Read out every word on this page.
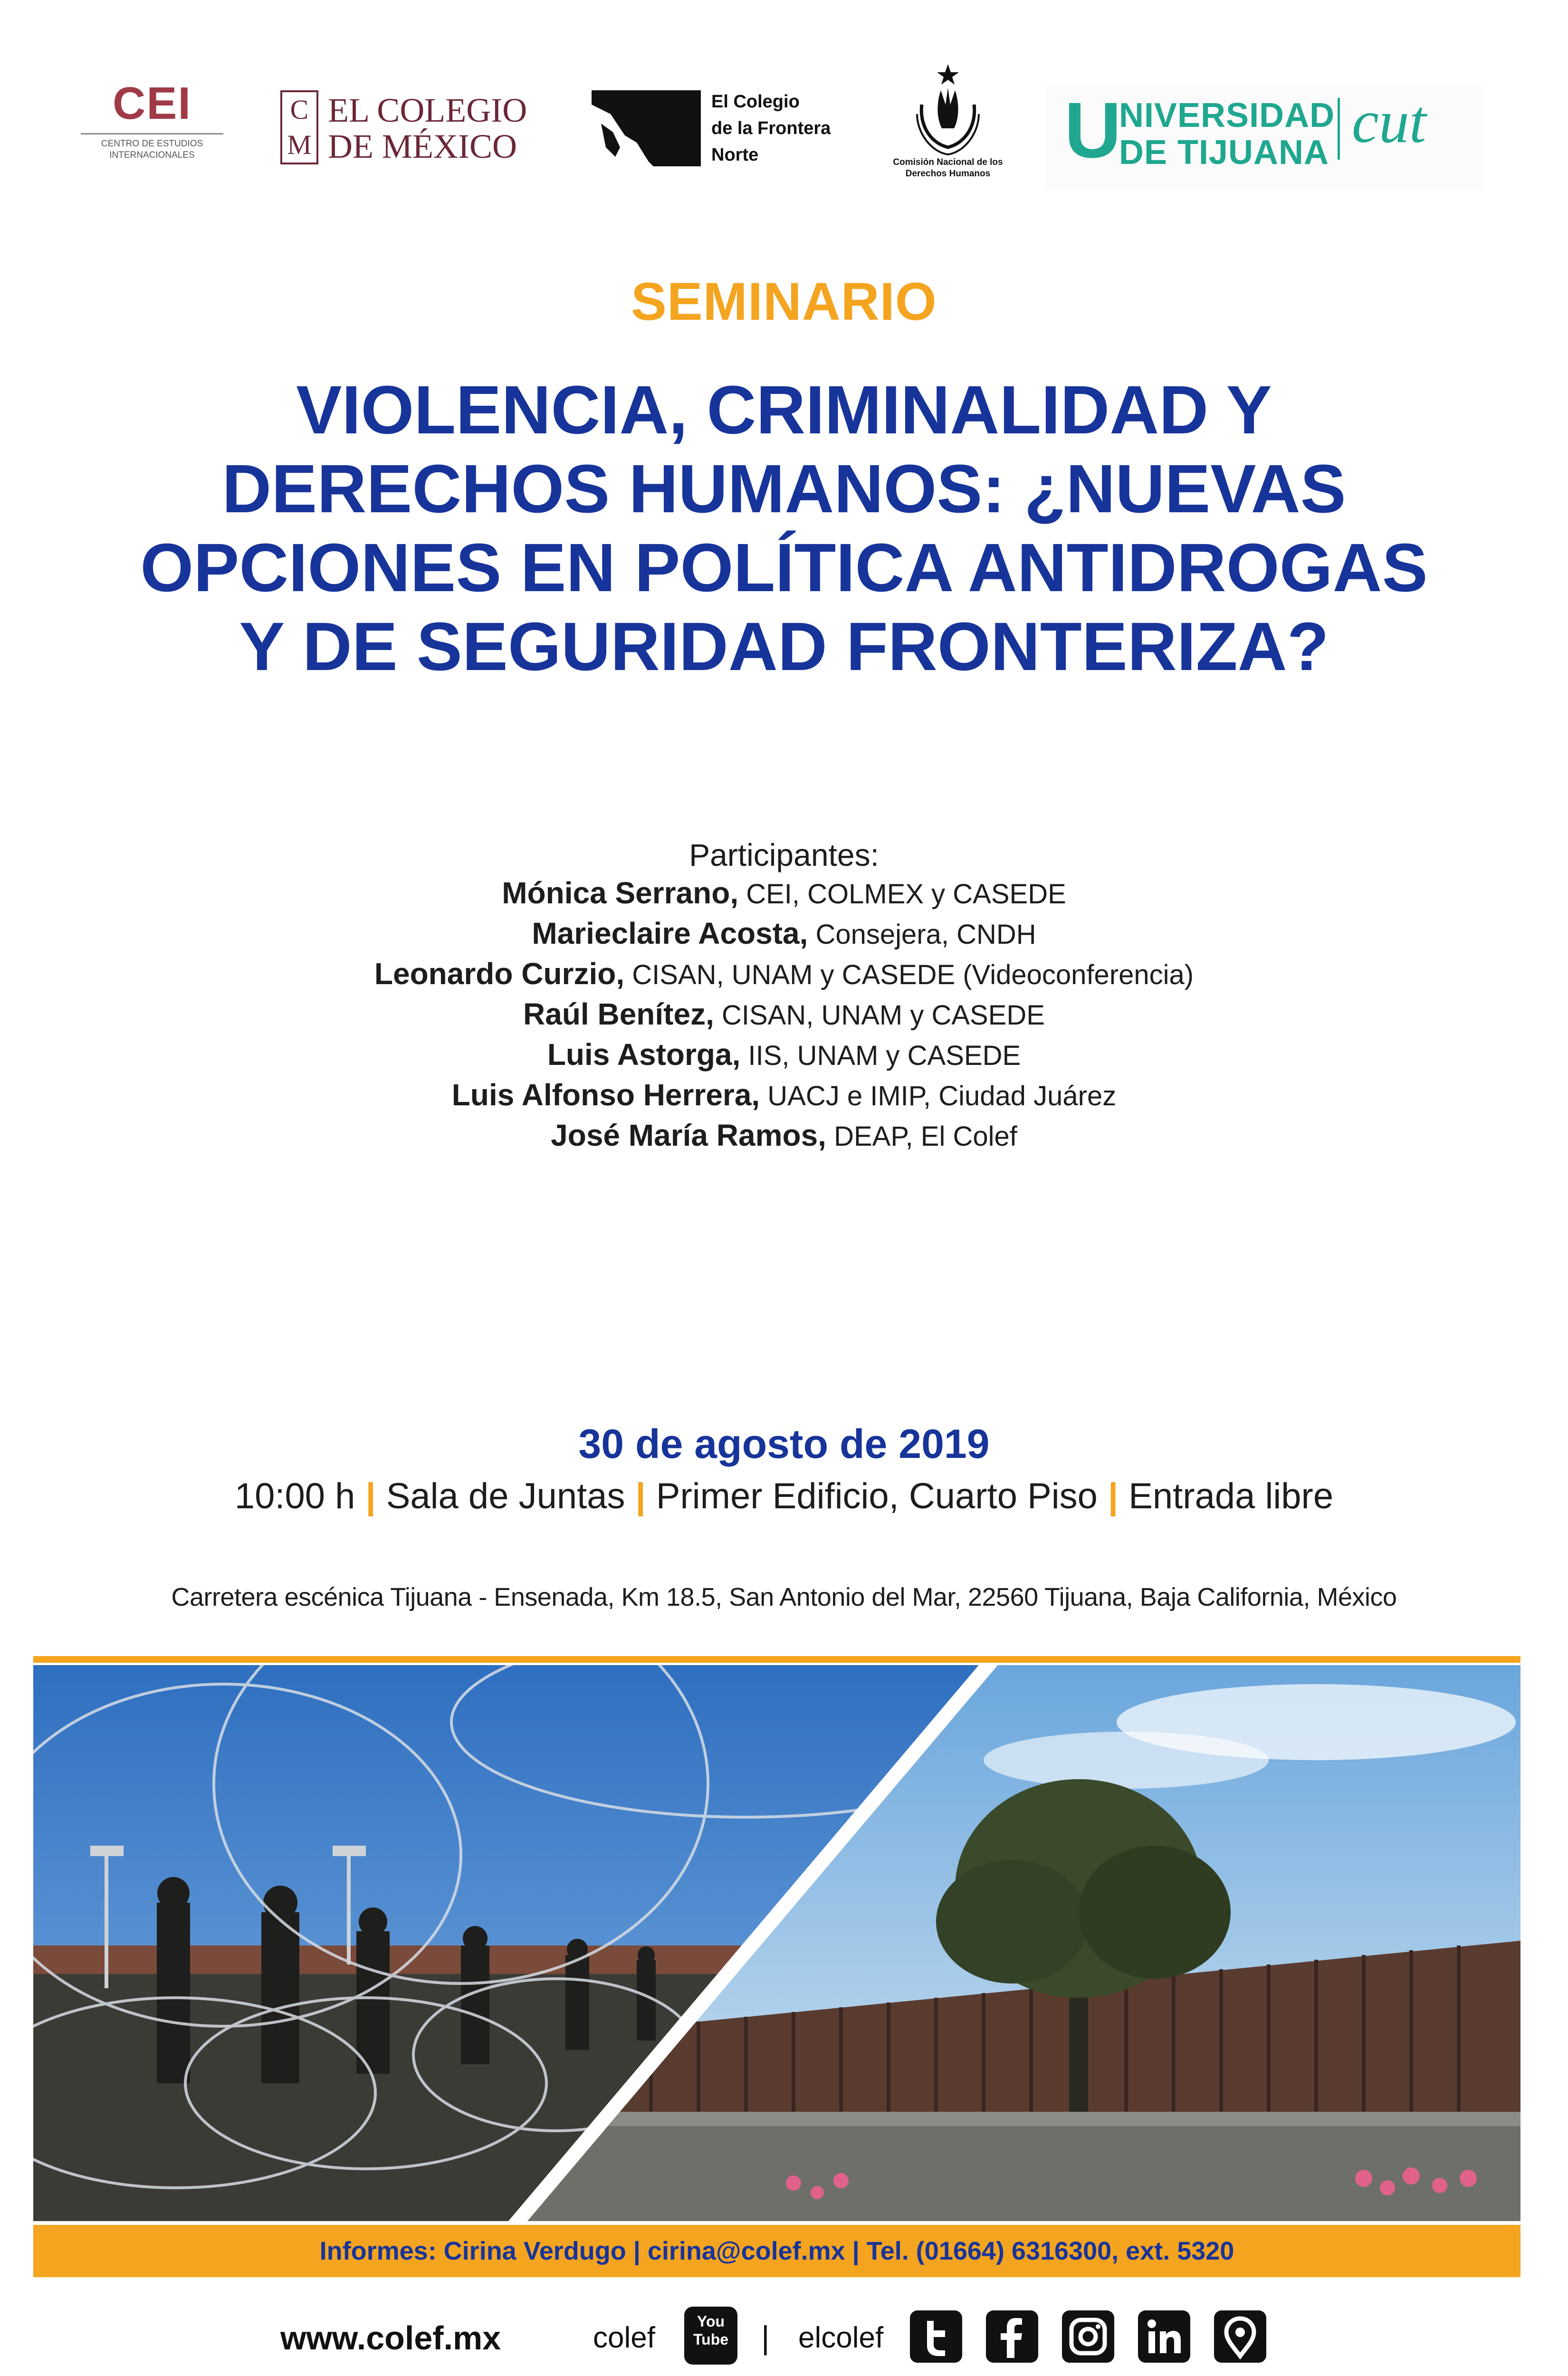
CEI
CENTRO DE ESTUDIOS
INTERNACIONALES
C
M
EL COLEGIO
DE MÉXICO
El Colegio
de la Frontera
Norte	Comisión Nacional de los
Derechos Humanos U
NIVERSIDAD
DE TIJUANA cut
SEMINARIO
VIOLENCIA, CRIMINALIDAD Y
DERECHOS HUMANOS: ¿NUEVAS
OPCIONES EN POLÍTICA ANTIDROGAS
Y DE SEGURIDAD FRONTERIZA?
Participantes:
Mónica Serrano, CEI, COLMEX y CASEDE
Marieclaire Acosta, Consejera, CNDH
Leonardo Curzio, CISAN, UNAM y CASEDE (Videoconferencia)
Raúl Benítez, CISAN, UNAM y CASEDE
Luis Astorga, IIS, UNAM y CASEDE
Luis Alfonso Herrera, UACJ e IMIP, Ciudad Juárez
José María Ramos, DEAP, El Colef
30 de agosto de 2019
10:00 h | Sala de Juntas | Primer Edificio, Cuarto Piso | Entrada libre
Carretera escénica Tijuana - Ensenada, Km 18.5, San Antonio del Mar, 22560 Tijuana, Baja California, México
Informes: Cirina Verdugo | cirina@colef.mx | Tel. (01664) 6316300, ext. 5320
www.colef.mx	colef	You
Tube | elcolef
